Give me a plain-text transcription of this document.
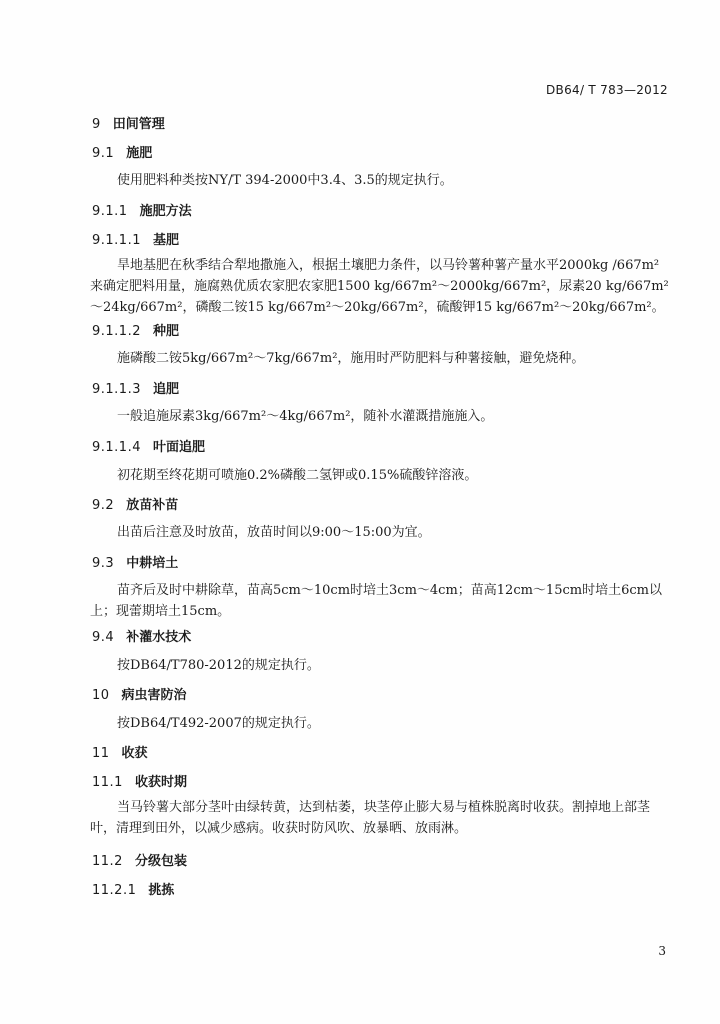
DB64/ T 783—2012
9 田间管理
9.1 施肥
使用肥料种类按NY/T 394-2000中3.4、3.5的规定执行。
9.1.1 施肥方法
9.1.1.1 基肥
旱地基肥在秋季结合犁地撒施入，根据土壤肥力条件，以马铃薯种薯产量水平2000kg /667m²来确定肥料用量，施腐熟优质农家肥农家肥1500 kg/667m²～2000kg/667m²，尿素20 kg/667m²～24kg/667m²，磷酸二铵15 kg/667m²～20kg/667m²，硫酸钾15 kg/667m²～20kg/667m²。
9.1.1.2 种肥
施磷酸二铵5kg/667m²～7kg/667m²，施用时严防肥料与种薯接触，避免烧种。
9.1.1.3 追肥
一般追施尿素3kg/667m²～4kg/667m²，随补水灌溉措施施入。
9.1.1.4 叶面追肥
初花期至终花期可喷施0.2%磷酸二氢钾或0.15%硫酸锌溶液。
9.2 放苗补苗
出苗后注意及时放苗，放苗时间以9:00～15:00为宜。
9.3 中耕培土
苗齐后及时中耕除草，苗高5cm～10cm时培土3cm～4cm；苗高12cm～15cm时培土6cm以上；现蕾期培土15cm。
9.4 补灌水技术
按DB64/T780-2012的规定执行。
10 病虫害防治
按DB64/T492-2007的规定执行。
11 收获
11.1 收获时期
当马铃薯大部分茎叶由绿转黄，达到枯萎，块茎停止膨大易与植株脱离时收获。割掉地上部茎叶，清理到田外，以减少感病。收获时防风吹、放暴晒、放雨淋。
11.2 分级包装
11.2.1 挑拣
3
